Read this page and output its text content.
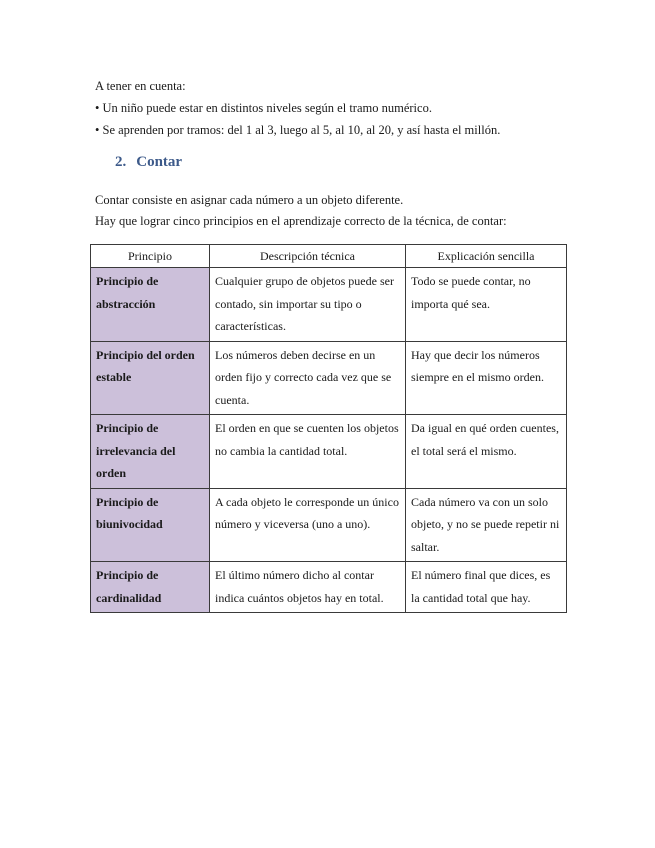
A tener en cuenta:
• Un niño puede estar en distintos niveles según el tramo numérico.
• Se aprenden por tramos: del 1 al 3, luego al 5, al 10, al 20, y así hasta el millón.
2. Contar
Contar consiste en asignar cada número a un objeto diferente.
Hay que lograr cinco principios en el aprendizaje correcto de la técnica, de contar:
Principio	Descripción técnica	Explicación sencilla
Principio de abstracción	Cualquier grupo de objetos puede ser contado, sin importar su tipo o características.	Todo se puede contar, no importa qué sea.
Principio del orden estable	Los números deben decirse en un orden fijo y correcto cada vez que se cuenta.	Hay que decir los números siempre en el mismo orden.
Principio de irrelevancia del orden	El orden en que se cuenten los objetos no cambia la cantidad total.	Da igual en qué orden cuentes, el total será el mismo.
Principio de biunivocidad	A cada objeto le corresponde un único número y viceversa (uno a uno).	Cada número va con un solo objeto, y no se puede repetir ni saltar.
Principio de cardinalidad	El último número dicho al contar indica cuántos objetos hay en total.	El número final que dices, es la cantidad total que hay.
